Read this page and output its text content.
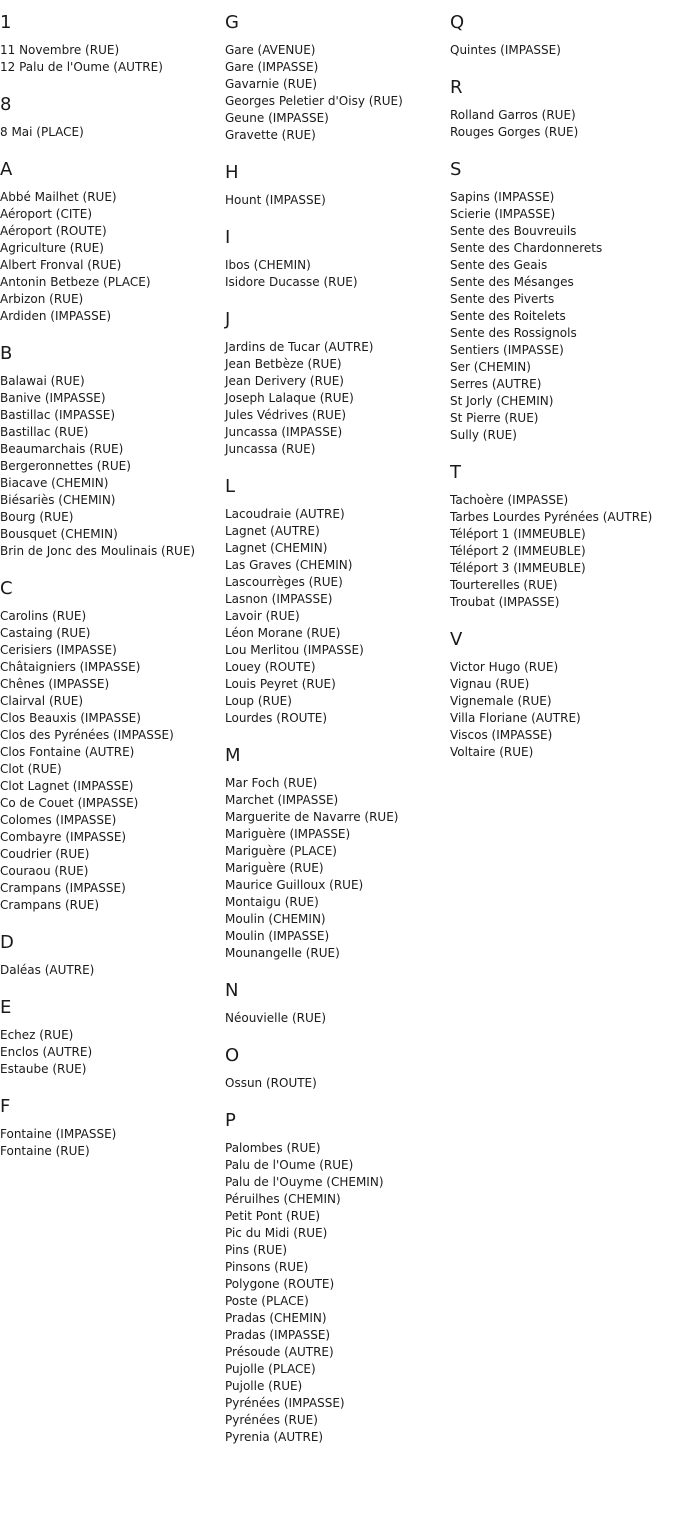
1
11 Novembre (RUE)
12 Palu de l'Oume (AUTRE)
8
8 Mai (PLACE)
A
Abbé Mailhet (RUE)
Aéroport (CITE)
Aéroport (ROUTE)
Agriculture (RUE)
Albert Fronval (RUE)
Antonin Betbeze (PLACE)
Arbizon (RUE)
Ardiden (IMPASSE)
B
Balawai (RUE)
Banive (IMPASSE)
Bastillac (IMPASSE)
Bastillac (RUE)
Beaumarchais (RUE)
Bergeronnettes (RUE)
Biacave (CHEMIN)
Biésariès (CHEMIN)
Bourg (RUE)
Bousquet (CHEMIN)
Brin de Jonc des Moulinais (RUE)
C
Carolins (RUE)
Castaing (RUE)
Cerisiers (IMPASSE)
Châtaigniers (IMPASSE)
Chênes (IMPASSE)
Clairval (RUE)
Clos Beauxis (IMPASSE)
Clos des Pyrénées (IMPASSE)
Clos Fontaine (AUTRE)
Clot (RUE)
Clot Lagnet (IMPASSE)
Co de Couet (IMPASSE)
Colomes (IMPASSE)
Combayre (IMPASSE)
Coudrier (RUE)
Couraou (RUE)
Crampans (IMPASSE)
Crampans (RUE)
D
Daléas (AUTRE)
E
Echez (RUE)
Enclos (AUTRE)
Estaube (RUE)
F
Fontaine (IMPASSE)
Fontaine (RUE)
G
Gare (AVENUE)
Gare (IMPASSE)
Gavarnie (RUE)
Georges Peletier d'Oisy (RUE)
Geune (IMPASSE)
Gravette (RUE)
H
Hount (IMPASSE)
I
Ibos (CHEMIN)
Isidore Ducasse (RUE)
J
Jardins de Tucar (AUTRE)
Jean Betbèze (RUE)
Jean Derivery (RUE)
Joseph Lalaque (RUE)
Jules Védrives (RUE)
Juncassa (IMPASSE)
Juncassa (RUE)
L
Lacoudraie (AUTRE)
Lagnet (AUTRE)
Lagnet (CHEMIN)
Las Graves (CHEMIN)
Lascourrèges (RUE)
Lasnon (IMPASSE)
Lavoir (RUE)
Léon Morane (RUE)
Lou Merlitou (IMPASSE)
Louey (ROUTE)
Louis Peyret (RUE)
Loup (RUE)
Lourdes (ROUTE)
M
Mar Foch (RUE)
Marchet (IMPASSE)
Marguerite de Navarre (RUE)
Mariguère (IMPASSE)
Mariguère (PLACE)
Mariguère (RUE)
Maurice Guilloux (RUE)
Montaigu (RUE)
Moulin (CHEMIN)
Moulin (IMPASSE)
Mounangelle (RUE)
N
Néouvielle (RUE)
O
Ossun (ROUTE)
P
Palombes (RUE)
Palu de l'Oume (RUE)
Palu de l'Ouyme (CHEMIN)
Péruilhes (CHEMIN)
Petit Pont (RUE)
Pic du Midi (RUE)
Pins (RUE)
Pinsons (RUE)
Polygone (ROUTE)
Poste (PLACE)
Pradas (CHEMIN)
Pradas (IMPASSE)
Présoude (AUTRE)
Pujolle (PLACE)
Pujolle (RUE)
Pyrénées (IMPASSE)
Pyrénées (RUE)
Pyrenia (AUTRE)
Q
Quintes (IMPASSE)
R
Rolland Garros (RUE)
Rouges Gorges (RUE)
S
Sapins (IMPASSE)
Scierie (IMPASSE)
Sente des Bouvreuils
Sente des Chardonnerets
Sente des Geais
Sente des Mésanges
Sente des Piverts
Sente des Roitelets
Sente des Rossignols
Sentiers (IMPASSE)
Ser (CHEMIN)
Serres (AUTRE)
St Jorly (CHEMIN)
St Pierre (RUE)
Sully (RUE)
T
Tachoère (IMPASSE)
Tarbes Lourdes Pyrénées (AUTRE)
Téléport 1 (IMMEUBLE)
Téléport 2 (IMMEUBLE)
Téléport 3 (IMMEUBLE)
Tourterelles (RUE)
Troubat (IMPASSE)
V
Victor Hugo (RUE)
Vignau (RUE)
Vignemale (RUE)
Villa Floriane (AUTRE)
Viscos (IMPASSE)
Voltaire (RUE)
